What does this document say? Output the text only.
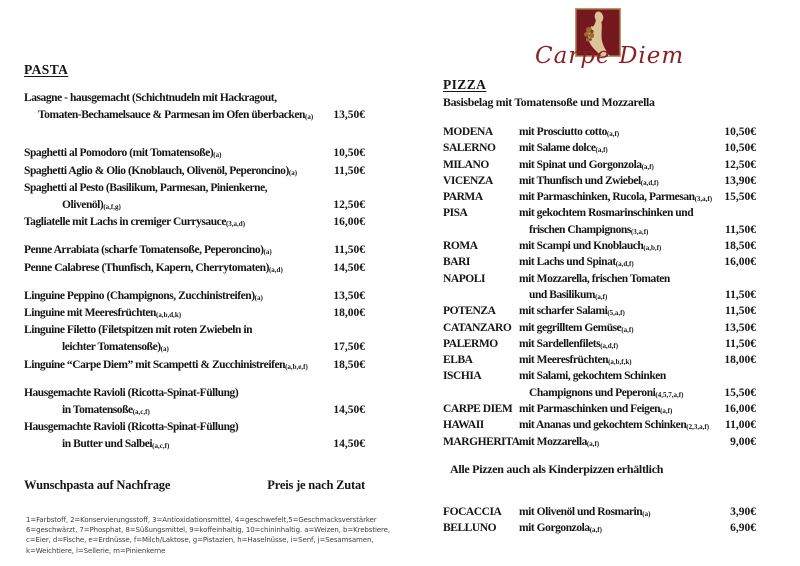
Carpe Diem
PASTA
Lasagne - hausgemacht (Schichtnudeln mit Hackragout,
Tomaten-Bechamelsauce & Parmesan im Ofen überbacken(a) 13,50€
Spaghetti al Pomodoro (mit Tomatensoße)(a)	10,50€
Spaghetti Aglio & Olio (Knoblauch, Olivenöl, Peperoncino)(a)	11,50€
Spaghetti al Pesto (Basilikum, Parmesan, Pinienkerne,
Olivenöl)(a,f,g)	12,50€
Tagliatelle mit Lachs in cremiger Currysauce(3,a,d)	16,00€
Penne Arrabiata (scharfe Tomatensoße, Peperoncino)(a)	11,50€
Penne Calabrese (Thunfisch, Kapern, Cherrytomaten)(a,d)	14,50€
Linguine Peppino (Champignons, Zucchinistreifen)(a)	13,50€
Linguine mit Meeresfrüchten(a,b,d,k)	18,00€
Linguine Filetto (Filetspitzen mit roten Zwiebeln in
leichter Tomatensoße)(a)	17,50€
Linguine “Carpe Diem” mit Scampetti & Zucchinistreifen(a,b,e,f) 18,50€
Hausgemachte Ravioli (Ricotta-Spinat-Füllung)
in Tomatensoße(a,c,f)	14,50€
Hausgemachte Ravioli (Ricotta-Spinat-Füllung)
in Butter und Salbei(a,c,f)	14,50€
Wunschpasta auf Nachfrage	Preis je nach Zutat
PIZZA
Basisbelag mit Tomatensoße und Mozzarella
MODENA	mit Prosciutto cotto(a,f)	10,50€
SALERNO	mit Salame dolce(a,f)	10,50€
MILANO	mit Spinat und Gorgonzola(a,f)	12,50€
VICENZA	mit Thunfisch und Zwiebel(a,d,f)	13,90€
PARMA	mit Parmaschinken, Rucola, Parmesan(3,a,f) 15,50€
PISA	mit gekochtem Rosmarinschinken und
frischen Champignons(3,a,f)	11,50€
ROMA	mit Scampi und Knoblauch(a,b,f)	18,50€
BARI	mit Lachs und Spinat(a,d,f)	16,00€
NAPOLI	mit Mozzarella, frischen Tomaten
und Basilikum(a,f)	11,50€
POTENZA	mit scharfer Salami(5,a,f)	11,50€
CATANZARO mit gegrilltem Gemüse(a,f)	13,50€
PALERMO	mit Sardellenfilets(a,d,f)	11,50€
ELBA	mit Meeresfrüchten(a,b,f,k)	18,00€
ISCHIA	mit Salami, gekochtem Schinken
Champignons und Peperoni(4,5,7,a,f)	15,50€
CARPE DIEM mit Parmaschinken und Feigen(a,f)	16,00€
HAWAII	mit Ananas und gekochtem Schinken(2,3,a,f) 11,00€
MARGHERITA mit Mozzarella(a,f)	9,00€
Alle Pizzen auch als Kinderpizzen erhältlich
FOCACCIA	mit Olivenöl und Rosmarin(a)	3,90€
BELLUNO	mit Gorgonzola(a,f)	6,90€
1=Farbstoff, 2=Konservierungsstoff, 3=Antioxidationsmittel, 4=geschwefelt,5=Geschmacksverstärker
6=geschwärzt, 7=Phosphat, 8=Süßungsmittel, 9=koffeinhaltig, 10=chininhaltig. a=Weizen, b=Krebstiere,
c=Eier, d=Fische, e=Erdnüsse, f=Milch/Laktose, g=Pistazien, h=Haselnüsse, i=Senf, j=Sesamsamen,
k=Weichtiere, l=Sellerie, m=Pinienkerne
